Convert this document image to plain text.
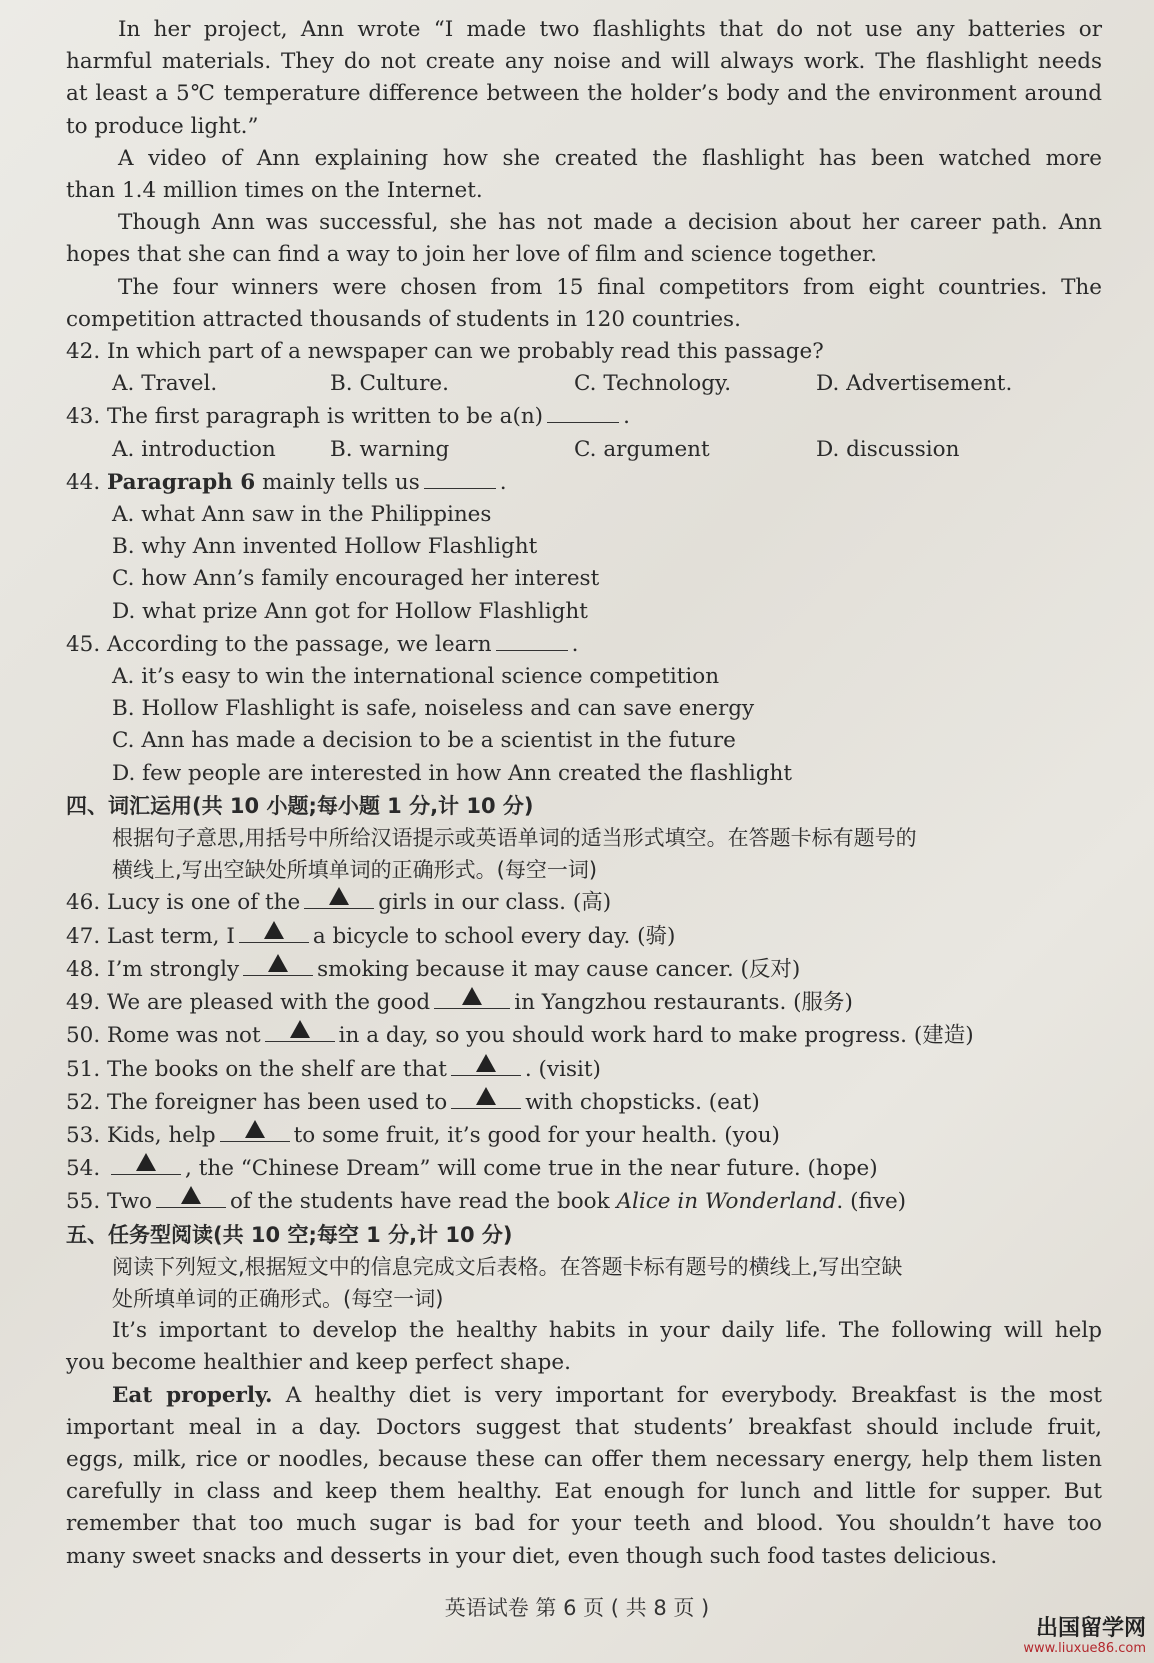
In her project, Ann wrote “I made two flashlights that do not use any batteries or
harmful materials. They do not create any noise and will always work. The flashlight needs
at least a 5℃ temperature difference between the holder’s body and the environment around
to produce light.”
A video of Ann explaining how she created the flashlight has been watched more
than 1.4 million times on the Internet.
Though Ann was successful, she has not made a decision about her career path. Ann
hopes that she can find a way to join her love of film and science together.
The four winners were chosen from 15 final competitors from eight countries. The
competition attracted thousands of students in 120 countries.
42. In which part of a newspaper can we probably read this passage?
A. Travel.	B. Culture.	C. Technology.	D. Advertisement.
43. The first paragraph is written to be a(n)	.
A. introduction	B. warning	C. argument	D. discussion
44. Paragraph 6 mainly tells us	.
A. what Ann saw in the Philippines
B. why Ann invented Hollow Flashlight
C. how Ann’s family encouraged her interest
D. what prize Ann got for Hollow Flashlight
45. According to the passage, we learn	.
A. it’s easy to win the international science competition
B. Hollow Flashlight is safe, noiseless and can save energy
C. Ann has made a decision to be a scientist in the future
D. few people are interested in how Ann created the flashlight
四、词汇运用(共 10 小题;每小题 1 分,计 10 分)
根据句子意思,用括号中所给汉语提示或英语单词的适当形式填空。在答题卡标有题号的
横线上,写出空缺处所填单词的正确形式。(每空一词)
46. Lucy is one of the	girls in our class. (高)
47. Last term, I	a bicycle to school every day. (骑)
48. I’m strongly	smoking because it may cause cancer. (反对)
49. We are pleased with the good	in Yangzhou restaurants. (服务)
50. Rome was not	in a day, so you should work hard to make progress. (建造)
51. The books on the shelf are that	. (visit)
52. The foreigner has been used to	with chopsticks. (eat)
53. Kids, help	to some fruit, it’s good for your health. (you)
54.	, the “Chinese Dream” will come true in the near future. (hope)
55. Two	of the students have read the book Alice in Wonderland. (five)
五、任务型阅读(共 10 空;每空 1 分,计 10 分)
阅读下列短文,根据短文中的信息完成文后表格。在答题卡标有题号的横线上,写出空缺
处所填单词的正确形式。(每空一词)
It’s important to develop the healthy habits in your daily life. The following will help
you become healthier and keep perfect shape.
Eat properly. A healthy diet is very important for everybody. Breakfast is the most
important meal in a day. Doctors suggest that students’ breakfast should include fruit,
eggs, milk, rice or noodles, because these can offer them necessary energy, help them listen
carefully in class and keep them healthy. Eat enough for lunch and little for supper. But
remember that too much sugar is bad for your teeth and blood. You shouldn’t have too
many sweet snacks and desserts in your diet, even though such food tastes delicious.
英语试卷 第 6 页 ( 共 8 页 )
出国留学网
www.liuxue86.com
